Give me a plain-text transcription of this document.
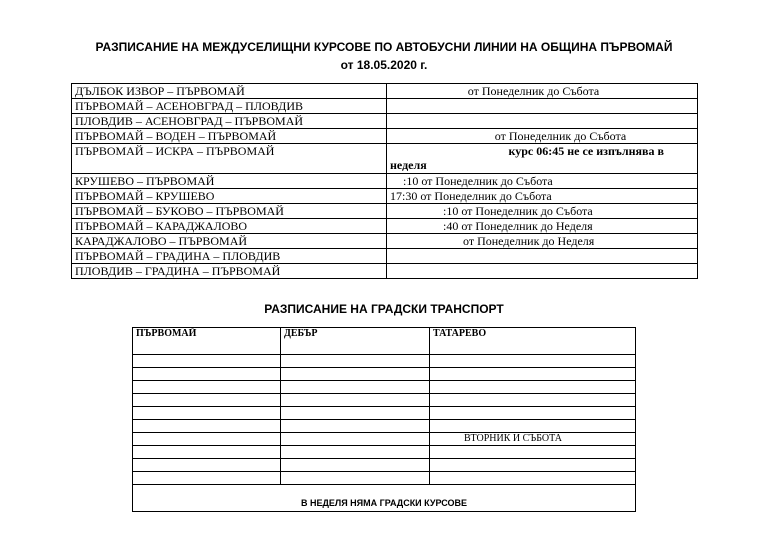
РАЗПИСАНИЕ НА МЕЖДУСЕЛИЩНИ КУРСОВЕ ПО АВТОБУСНИ ЛИНИИ НА ОБЩИНА ПЪРВОМАЙ
от 18.05.2020 г.
ДЪЛБОК ИЗВОР – ПЪРВОМАЙ	от Понеделник до Събота
ПЪРВОМАЙ – АСЕНОВГРАД – ПЛОВДИВ	
ПЛОВДИВ – АСЕНОВГРАД – ПЪРВОМАЙ	
ПЪРВОМАЙ – ВОДЕН – ПЪРВОМАЙ	от Понеделник до Събота
ПЪРВОМАЙ – ИСКРА – ПЪРВОМАЙ	курс 06:45 не се изпълнява в
неделя

КРУШЕВО – ПЪРВОМАЙ	:10 от Понеделник до Събота
ПЪРВОМАЙ – КРУШЕВО	17:30 от Понеделник до Събота
ПЪРВОМАЙ – БУКОВО – ПЪРВОМАЙ	:10 от Понеделник до Събота
ПЪРВОМАЙ – КАРАДЖАЛОВО	:40 от Понеделник до Неделя
КАРАДЖАЛОВО – ПЪРВОМАЙ	от Понеделник до Неделя
ПЪРВОМАЙ – ГРАДИНА – ПЛОВДИВ	
ПЛОВДИВ – ГРАДИНА – ПЪРВОМАЙ	
РАЗПИСАНИЕ НА ГРАДСКИ ТРАНСПОРТ
ПЪРВОМАЙ	ДЕБЪР	ТАТАРЕВО

		ВТОРНИК И СЪБОТА

В НЕДЕЛЯ НЯМА ГРАДСКИ КУРСОВЕ		
